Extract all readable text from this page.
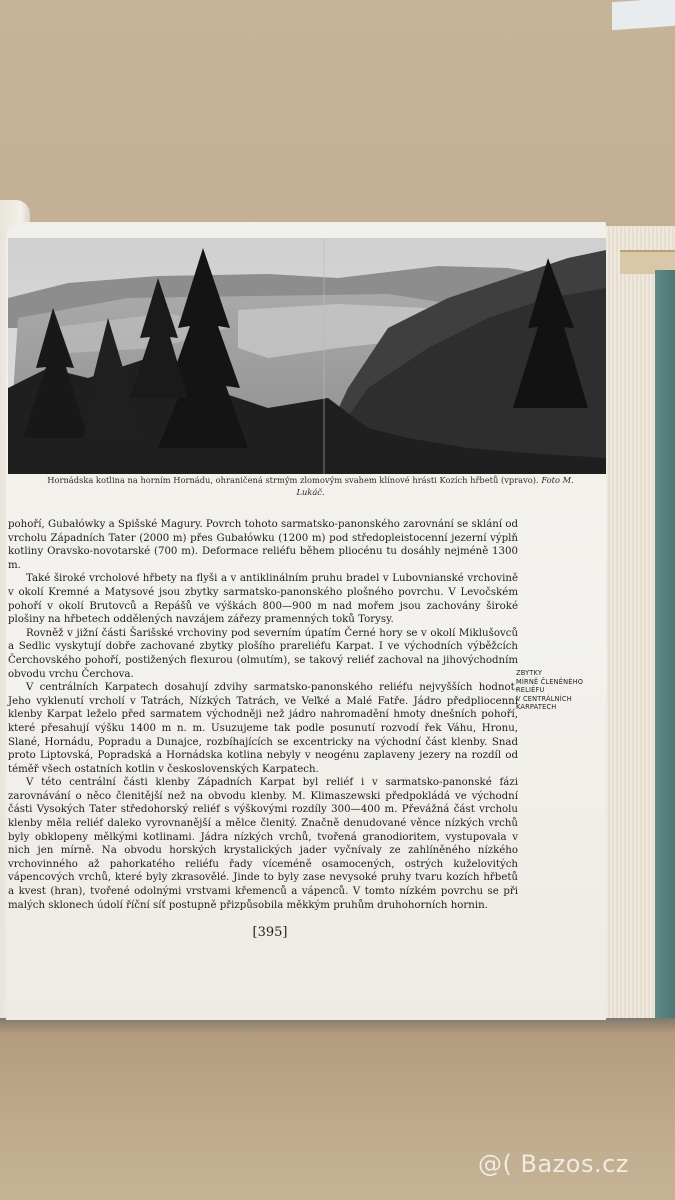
Hornádska kotlina na horním Hornádu, ohraničená strmým zlomovým svahem klínové hrásti Kozích hřbetů (vpravo). Foto M. Lukáč.

pohoří, Gubałówky a Spišské Magury. Povrch tohoto sarmatsko-panonského zarovnání se sklání od vrcholu Západních Tater (2000 m) přes Gubałówku (1200 m) pod středopleistocenní jezerní výplň kotliny Oravsko-novotarské (700 m). Deformace reliéfu během pliocénu tu dosáhly nejméně 1300 m.

Také široké vrcholové hřbety na flyši a v antiklinálním pruhu bradel v Lubovnianské vrchovině v okolí Kremné a Matysové jsou zbytky sarmatsko-panonského plošného povrchu. V Levočském pohoří v okolí Brutovců a Repášů ve výškách 800—900 m nad mořem jsou zachovány široké plošiny na hřbetech oddělených navzájem zářezy pramenných toků Torysy.

Rovněž v jižní části Šarišské vrchoviny pod severním úpatím Černé hory se v okolí Miklušovců a Sedlic vyskytují dobře zachované zbytky plošího prareliéfu Karpat. I ve východních výběžcích Čerchovského pohoří, postižených flexurou (olmutím), se takový reliéf zachoval na jihovýchodním obvodu vrchu Čerchova.

V centrálních Karpatech dosahují zdvihy sarmatsko-panonského reliéfu nejvyšších hodnot. Jeho vyklenutí vrcholí v Tatrách, Nízkých Tatrách, ve Veľké a Malé Fatře. Jádro předpliocenní klenby Karpat leželo před sarmatem východněji než jádro nahromadění hmoty dnešních pohoří, které přesahují výšku 1400 m n. m. Usuzujeme tak podle posunutí rozvodí řek Váhu, Hronu, Slané, Hornádu, Popradu a Dunajce, rozbíhajících se excentricky na východní část klenby. Snad proto Liptovská, Popradská a Hornádska kotlina nebyly v neogénu zaplaveny jezery na rozdíl od téměř všech ostatních kotlin v československých Karpatech.

V této centrální části klenby Západních Karpat byl reliéf i v sarmatsko-panonské fázi zarovnávání o něco členitější než na obvodu klenby. M. Klimaszewski předpokládá ve východní části Vysokých Tater středohorský reliéf s výškovými rozdíly 300—400 m. Převážná část vrcholu klenby měla reliéf daleko vyrovnanější a mělce členitý. Značně denudované věnce nízkých vrchů byly obklopeny mělkými kotlinami. Jádra nízkých vrchů, tvořená granodioritem, vystupovala v nich jen mírně. Na obvodu horských krystalických jader vyčnívaly ze zahlíněného nízkého vrchovinného až pahorkatého reliéfu řady víceméně osamocených, ostrých kuželovitých vápencových vrchů, které byly zkrasovělé. Jinde to byly zase nevysoké pruhy tvaru kozích hřbetů a kvest (hran), tvořené odolnými vrstvami křemenců a vápenců. V tomto nízkém povrchu se při malých sklonech údolí říční síť postupně přizpůsobila měkkým pruhům druhohorních hornin.

ZBYTKY
MÍRNĚ ČLENĚNÉHO
RELIÉFU
V CENTRÁLNÍCH
KARPATECH
[395]
@( Bazos.cz
